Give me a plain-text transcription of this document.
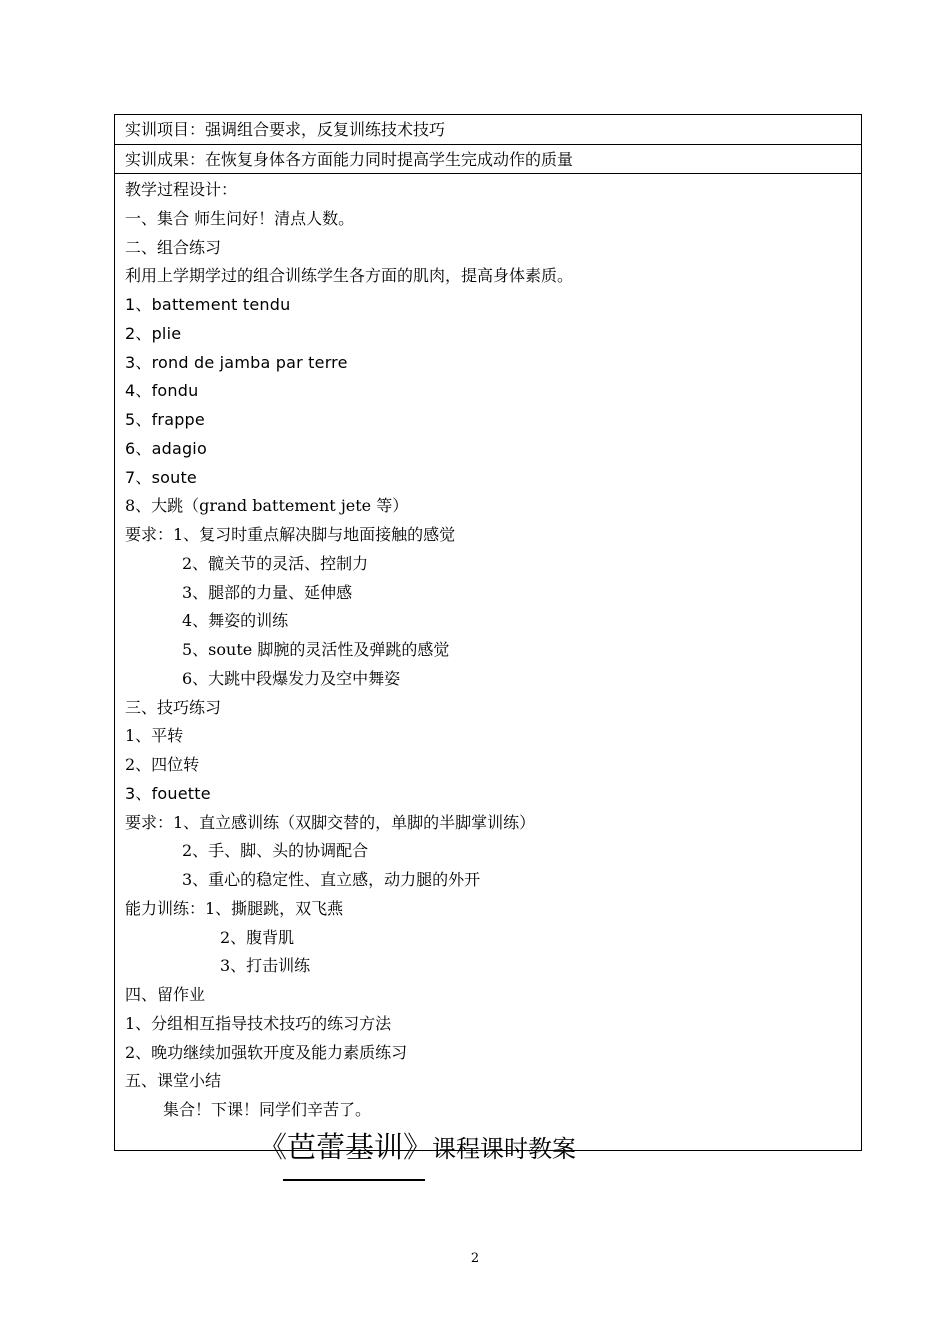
实训项目：强调组合要求，反复训练技术技巧
实训成果：在恢复身体各方面能力同时提高学生完成动作的质量
教学过程设计：
一、集合 师生问好！清点人数。
二、组合练习
利用上学期学过的组合训练学生各方面的肌肉，提高身体素质。
1、battement tendu
2、plie
3、rond de jamba par terre
4、fondu
5、frappe
6、adagio
7、soute
8、大跳（grand battement jete 等）
要求：1、复习时重点解决脚与地面接触的感觉
2、髋关节的灵活、控制力
3、腿部的力量、延伸感
4、舞姿的训练
5、soute 脚腕的灵活性及弹跳的感觉
6、大跳中段爆发力及空中舞姿
三、技巧练习
1、平转
2、四位转
3、fouette
要求：1、直立感训练（双脚交替的，单脚的半脚掌训练）
2、手、脚、头的协调配合
3、重心的稳定性、直立感，动力腿的外开
能力训练：1、撕腿跳，双飞燕
2、腹背肌
3、打击训练
四、留作业
1、分组相互指导技术技巧的练习方法
2、晚功继续加强软开度及能力素质练习
五、课堂小结
集合！下课！同学们辛苦了。
《芭蕾基训》课程课时教案
2
